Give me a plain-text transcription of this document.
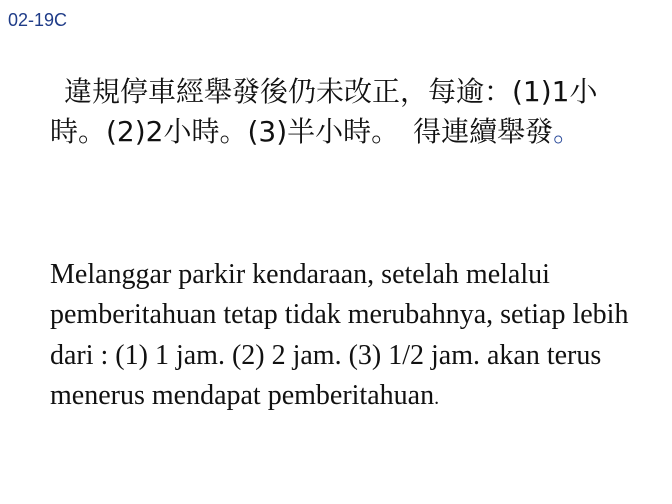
02-19C

違規停車經舉發後仍未改正，每逾：(1)1小時。(2)2小時。(3)半小時。　得連續舉發。

Melanggar parkir kendaraan, setelah melalui pemberitahuan tetap tidak merubahnya, setiap lebih dari : (1) 1 jam. (2) 2 jam. (3) 1/2 jam. akan terus menerus mendapat pemberitahuan.
